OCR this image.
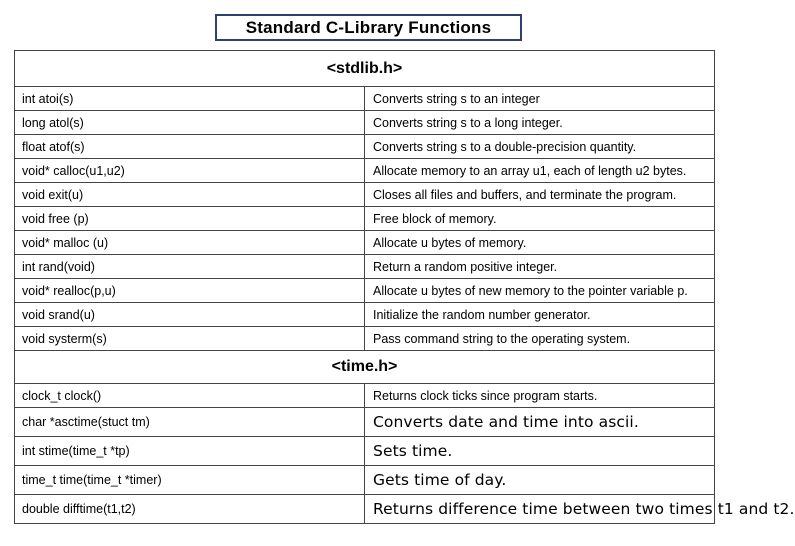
Standard C-Library Functions
<stdlib.h>	
int atoi(s)	Converts string s to an integer
long atol(s)	Converts string s to a long integer.
float atof(s)	Converts string s to a double-precision quantity.
void* calloc(u1,u2)	Allocate memory to an array u1, each of length u2 bytes.
void exit(u)	Closes all files and buffers, and terminate the program.
void free (p)	Free block of memory.
void* malloc (u)	Allocate u bytes of memory.
int rand(void)	Return a random positive integer.
void* realloc(p,u)	Allocate u bytes of new memory to the pointer variable p.
void srand(u)	Initialize the random number generator.
void systerm(s)	Pass command string to the operating system.
<time.h>	
clock_t clock()	Returns clock ticks since program starts.
char *asctime(stuct tm)	Converts date and time into ascii.
int stime(time_t *tp)	Sets time.
time_t time(time_t *timer)	Gets time of day.
double difftime(t1,t2)	Returns difference time between two times t1 and t2.
